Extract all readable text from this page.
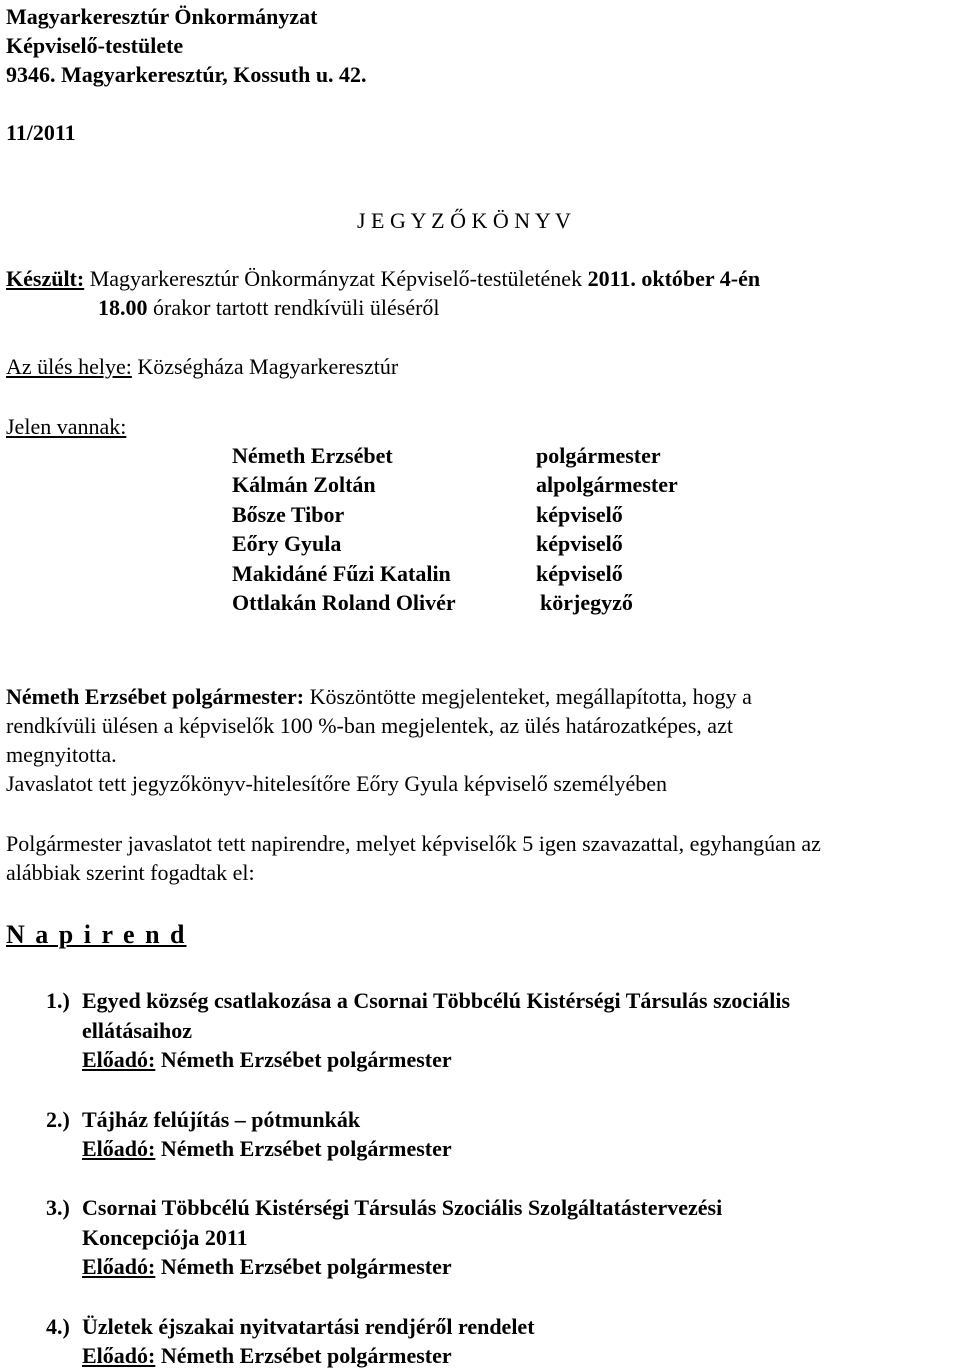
Magyarkeresztúr Önkormányzat
Képviselő-testülete
9346. Magyarkeresztúr, Kossuth u. 42.
11/2011
J E G Y Z Ő K Ö N Y V
Készült: Magyarkeresztúr Önkormányzat Képviselő-testületének 2011. október 4-én
18.00 órakor tartott rendkívüli üléséről
Az ülés helye: Községháza Magyarkeresztúr
Jelen vannak:
Németh Erzsébet	polgármester
Kálmán Zoltán	alpolgármester
Bősze Tibor	képviselő
Eőry Gyula	képviselő
Makidáné Fűzi Katalin	képviselő
Ottlakán Roland Olivér	körjegyző
Németh Erzsébet polgármester: Köszöntötte megjelenteket, megállapította, hogy a
rendkívüli ülésen a képviselők 100 %-ban megjelentek, az ülés határozatképes, azt
megnyitotta.
Javaslatot tett jegyzőkönyv-hitelesítőre Eőry Gyula képviselő személyében
Polgármester javaslatot tett napirendre, melyet képviselők 5 igen szavazattal, egyhangúan az
alábbiak szerint fogadtak el:
N a p i r e n d
1.) Egyed község csatlakozása a Csornai Többcélú Kistérségi Társulás szociális
ellátásaihoz
Előadó: Németh Erzsébet polgármester
2.) Tájház felújítás – pótmunkák
Előadó: Németh Erzsébet polgármester
3.) Csornai Többcélú Kistérségi Társulás Szociális Szolgáltatástervezési
Koncepciója 2011
Előadó: Németh Erzsébet polgármester
4.) Üzletek éjszakai nyitvatartási rendjéről rendelet
Előadó: Németh Erzsébet polgármester
